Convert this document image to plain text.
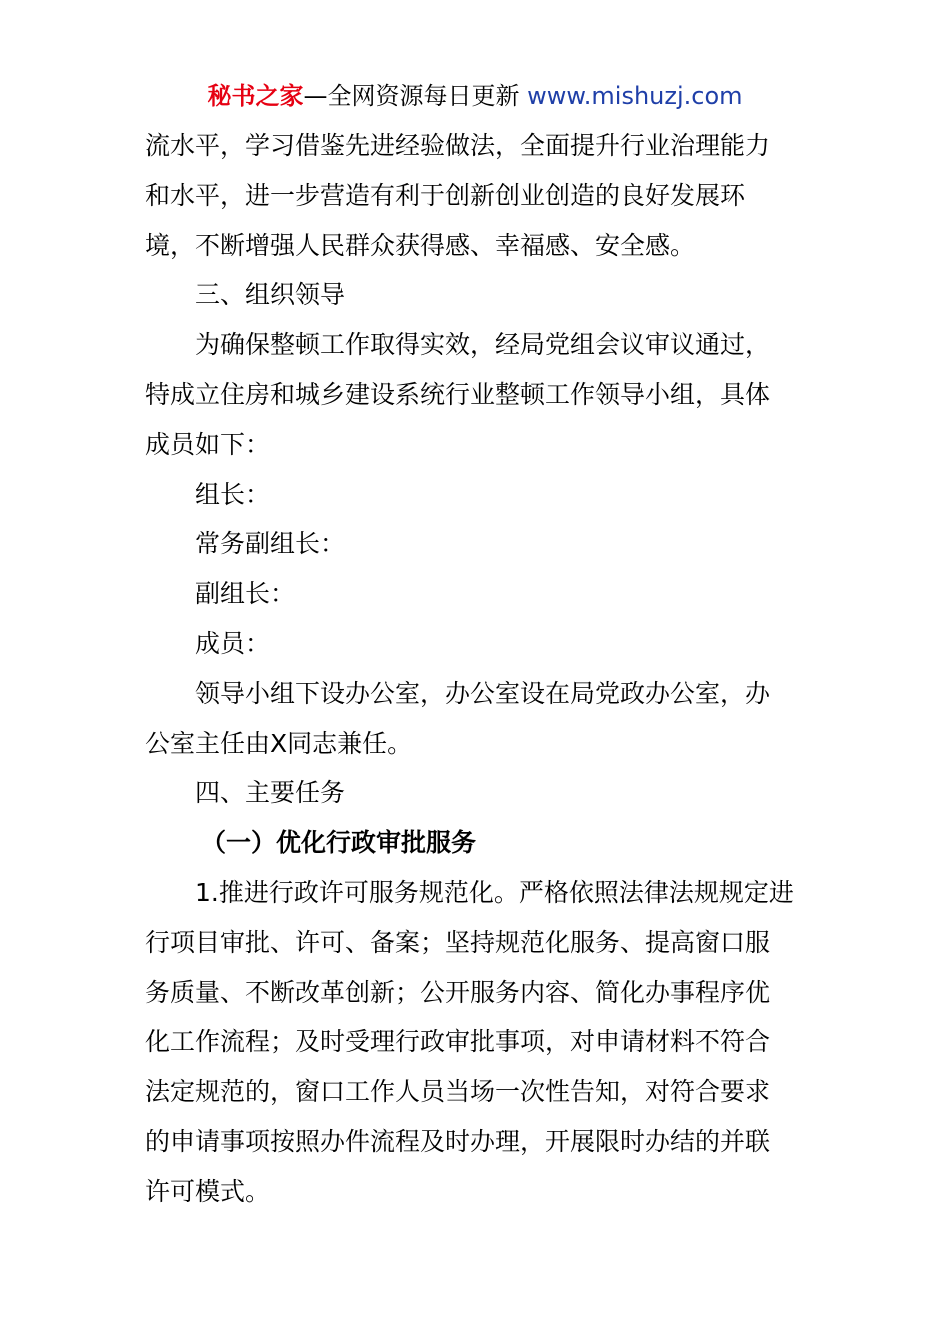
秘书之家—全网资源每日更新 www.mishuzj.com
流水平，学习借鉴先进经验做法，全面提升行业治理能力
和水平，进一步营造有利于创新创业创造的良好发展环
境，不断增强人民群众获得感、幸福感、安全感。
三、组织领导
为确保整顿工作取得实效，经局党组会议审议通过，
特成立住房和城乡建设系统行业整顿工作领导小组，具体
成员如下：
组长：
常务副组长：
副组长：
成员：
领导小组下设办公室，办公室设在局党政办公室，办
公室主任由X同志兼任。
四、主要任务
（一）优化行政审批服务
1.推进行政许可服务规范化。严格依照法律法规规定进
行项目审批、许可、备案；坚持规范化服务、提高窗口服
务质量、不断改革创新；公开服务内容、简化办事程序优
化工作流程；及时受理行政审批事项，对申请材料不符合
法定规范的，窗口工作人员当场一次性告知，对符合要求
的申请事项按照办件流程及时办理，开展限时办结的并联
许可模式。
